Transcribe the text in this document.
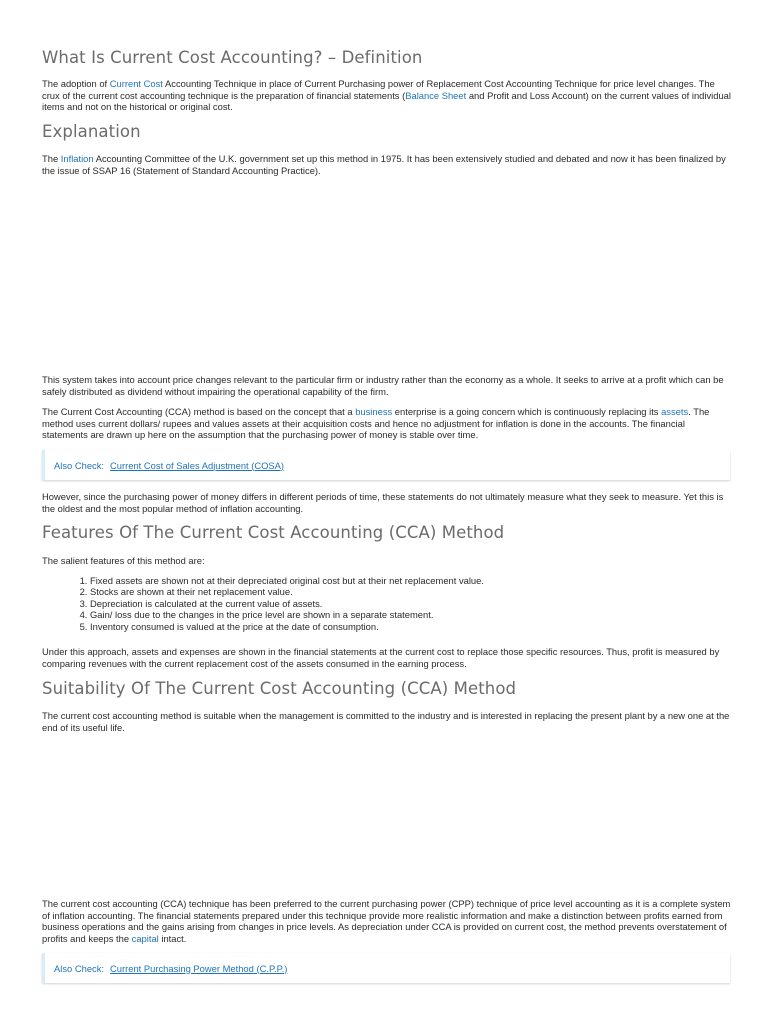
What Is Current Cost Accounting? – Definition

The adoption of Current Cost Accounting Technique in place of Current Purchasing power of Replacement Cost Accounting Technique for price level changes. The crux of the current cost accounting technique is the preparation of financial statements (Balance Sheet and Profit and Loss Account) on the current values of individual items and not on the historical or original cost.

Explanation

The Inflation Accounting Committee of the U.K. government set up this method in 1975. It has been extensively studied and debated and now it has been finalized by the issue of SSAP 16 (Statement of Standard Accounting Practice).

This system takes into account price changes relevant to the particular firm or industry rather than the economy as a whole. It seeks to arrive at a profit which can be safely distributed as dividend without impairing the operational capability of the firm.

The Current Cost Accounting (CCA) method is based on the concept that a business enterprise is a going concern which is continuously replacing its assets. The method uses current dollars/ rupees and values assets at their acquisition costs and hence no adjustment for inflation is done in the accounts. The financial statements are drawn up here on the assumption that the purchasing power of money is stable over time.

Also Check: Current Cost of Sales Adjustment (COSA)

However, since the purchasing power of money differs in different periods of time, these statements do not ultimately measure what they seek to measure. Yet this is the oldest and the most popular method of inflation accounting.

Features Of The Current Cost Accounting (CCA) Method

The salient features of this method are:

1. Fixed assets are shown not at their depreciated original cost but at their net replacement value.
2. Stocks are shown at their net replacement value.
3. Depreciation is calculated at the current value of assets.
4. Gain/ loss due to the changes in the price level are shown in a separate statement.
5. Inventory consumed is valued at the price at the date of consumption.

Under this approach, assets and expenses are shown in the financial statements at the current cost to replace those specific resources. Thus, profit is measured by comparing revenues with the current replacement cost of the assets consumed in the earning process.

Suitability Of The Current Cost Accounting (CCA) Method

The current cost accounting method is suitable when the management is committed to the industry and is interested in replacing the present plant by a new one at the end of its useful life.

The current cost accounting (CCA) technique has been preferred to the current purchasing power (CPP) technique of price level accounting as it is a complete system of inflation accounting. The financial statements prepared under this technique provide more realistic information and make a distinction between profits earned from business operations and the gains arising from changes in price levels. As depreciation under CCA is provided on current cost, the method prevents overstatement of profits and keeps the capital intact.

Also Check: Current Purchasing Power Method (C.P.P.)
